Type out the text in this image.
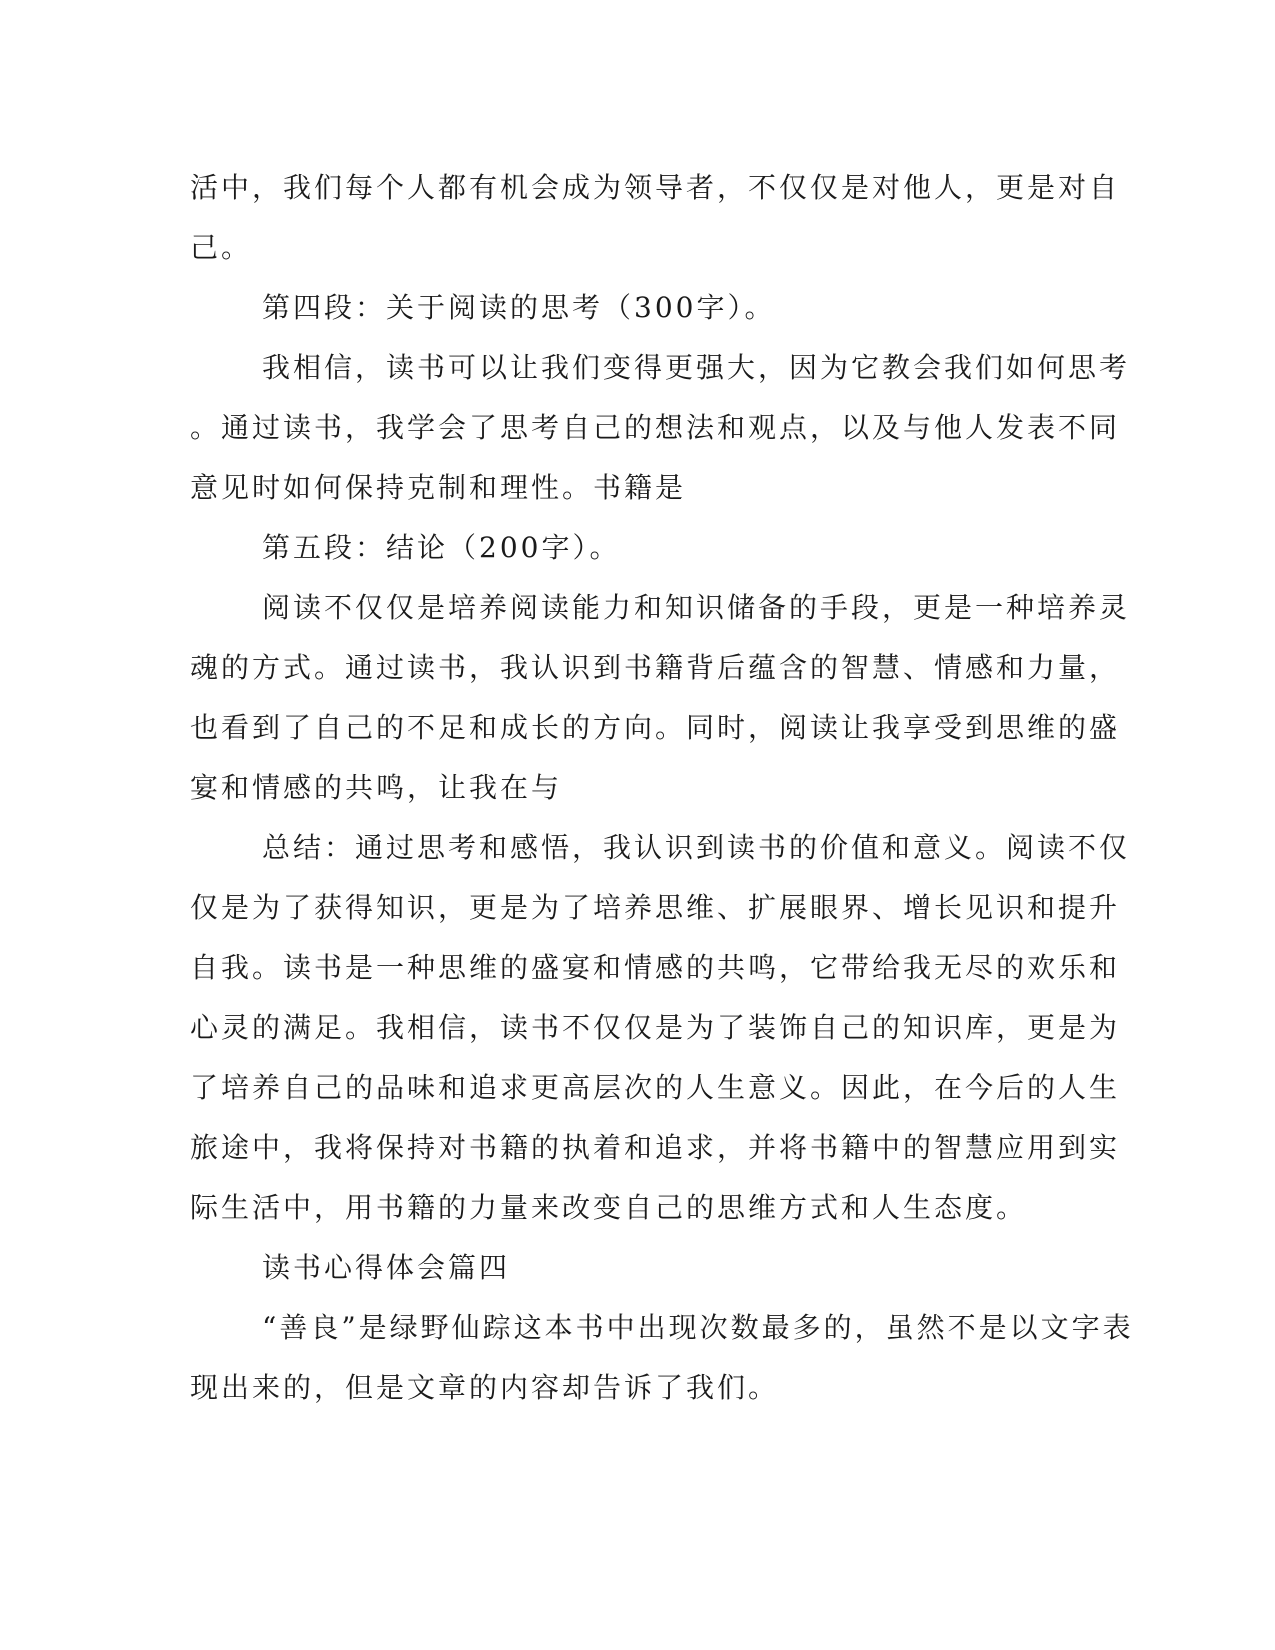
活中，我们每个人都有机会成为领导者，不仅仅是对他人，更是对自
己。
第四段：关于阅读的思考（300字）。
我相信，读书可以让我们变得更强大，因为它教会我们如何思考
。通过读书，我学会了思考自己的想法和观点，以及与他人发表不同
意见时如何保持克制和理性。书籍是
第五段：结论（200字）。
阅读不仅仅是培养阅读能力和知识储备的手段，更是一种培养灵
魂的方式。通过读书，我认识到书籍背后蕴含的智慧、情感和力量，
也看到了自己的不足和成长的方向。同时，阅读让我享受到思维的盛
宴和情感的共鸣，让我在与
总结：通过思考和感悟，我认识到读书的价值和意义。阅读不仅
仅是为了获得知识，更是为了培养思维、扩展眼界、增长见识和提升
自我。读书是一种思维的盛宴和情感的共鸣，它带给我无尽的欢乐和
心灵的满足。我相信，读书不仅仅是为了装饰自己的知识库，更是为
了培养自己的品味和追求更高层次的人生意义。因此，在今后的人生
旅途中，我将保持对书籍的执着和追求，并将书籍中的智慧应用到实
际生活中，用书籍的力量来改变自己的思维方式和人生态度。
读书心得体会篇四
“善良”是绿野仙踪这本书中出现次数最多的，虽然不是以文字表
现出来的，但是文章的内容却告诉了我们。
